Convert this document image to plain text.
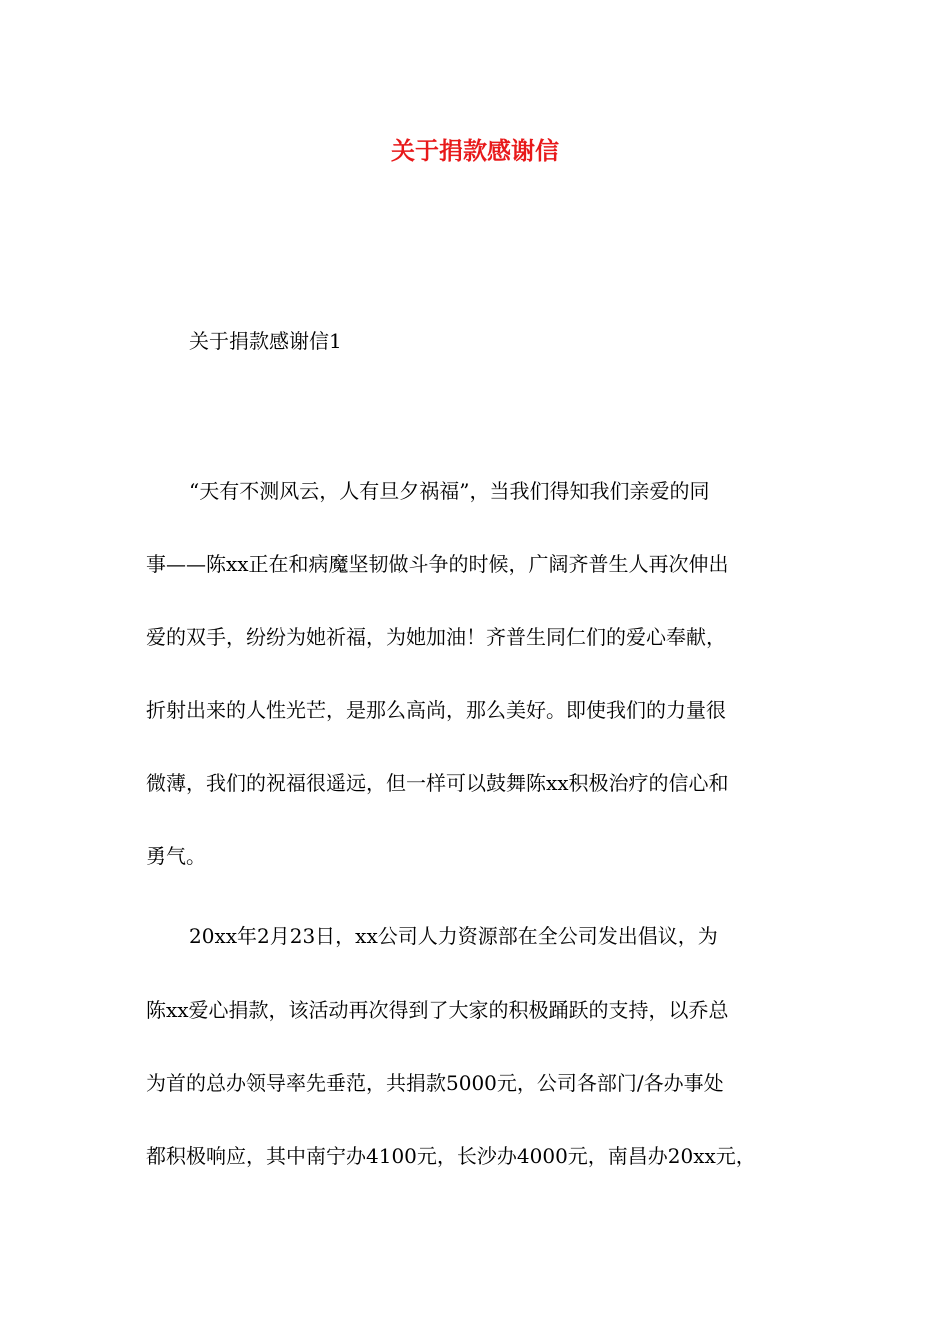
关于捐款感谢信
关于捐款感谢信1
“天有不测风云，人有旦夕祸福”，当我们得知我们亲爱的同
事——陈xx正在和病魔坚韧做斗争的时候，广阔齐普生人再次伸出
爱的双手，纷纷为她祈福，为她加油！齐普生同仁们的爱心奉献，
折射出来的人性光芒，是那么高尚，那么美好。即使我们的力量很
微薄，我们的祝福很遥远，但一样可以鼓舞陈xx积极治疗的信心和
勇气。
20xx年2月23日，xx公司人力资源部在全公司发出倡议，为
陈xx爱心捐款，该活动再次得到了大家的积极踊跃的支持，以乔总
为首的总办领导率先垂范，共捐款5000元，公司各部门/各办事处
都积极响应，其中南宁办4100元，长沙办4000元，南昌办20xx元，
